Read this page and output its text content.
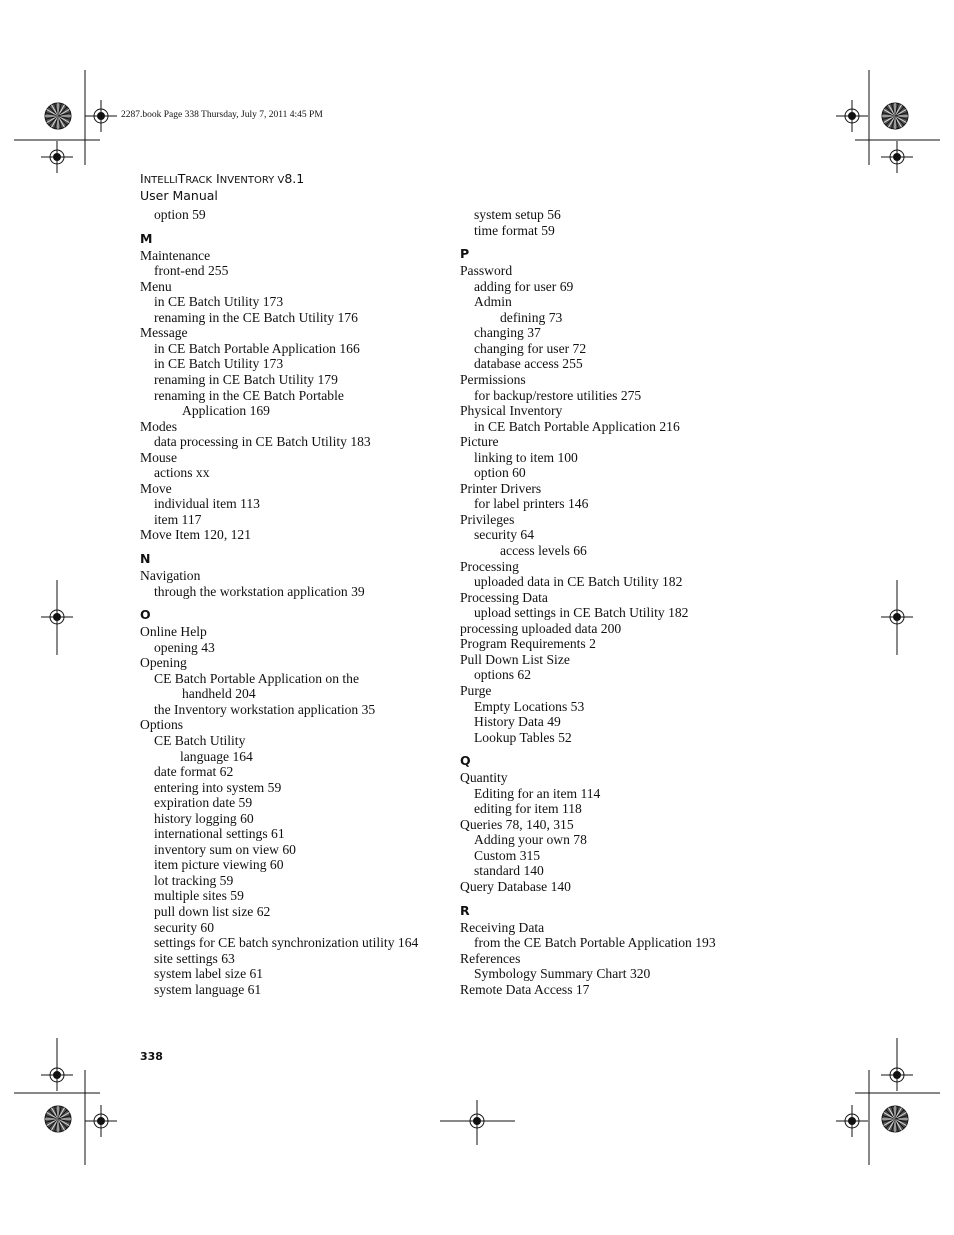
2287.book Page 338 Thursday, July 7, 2011 4:45 PM
INTELLITRACK INVENTORY V8.1
User Manual
option 59
M
Maintenance
front-end 255
Menu
in CE Batch Utility 173
renaming in the CE Batch Utility 176
Message
in CE Batch Portable Application 166
in CE Batch Utility 173
renaming in CE Batch Utility 179
renaming in the CE Batch Portable
Application 169
Modes
data processing in CE Batch Utility 183
Mouse
actions xx
Move
individual item 113
item 117
Move Item 120, 121
N
Navigation
through the workstation application 39
O
Online Help
opening 43
Opening
CE Batch Portable Application on the
handheld 204
the Inventory workstation application 35
Options
CE Batch Utility
language 164
date format 62
entering into system 59
expiration date 59
history logging 60
international settings 61
inventory sum on view 60
item picture viewing 60
lot tracking 59
multiple sites 59
pull down list size 62
security 60
settings for CE batch synchronization utility 164
site settings 63
system label size 61
system language 61
system setup 56
time format 59
P
Password
adding for user 69
Admin
defining 73
changing 37
changing for user 72
database access 255
Permissions
for backup/restore utilities 275
Physical Inventory
in CE Batch Portable Application 216
Picture
linking to item 100
option 60
Printer Drivers
for label printers 146
Privileges
security 64
access levels 66
Processing
uploaded data in CE Batch Utility 182
Processing Data
upload settings in CE Batch Utility 182
processing uploaded data 200
Program Requirements 2
Pull Down List Size
options 62
Purge
Empty Locations 53
History Data 49
Lookup Tables 52
Q
Quantity
Editing for an item 114
editing for item 118
Queries 78, 140, 315
Adding your own 78
Custom 315
standard 140
Query Database 140
R
Receiving Data
from the CE Batch Portable Application 193
References
Symbology Summary Chart 320
Remote Data Access 17
338
